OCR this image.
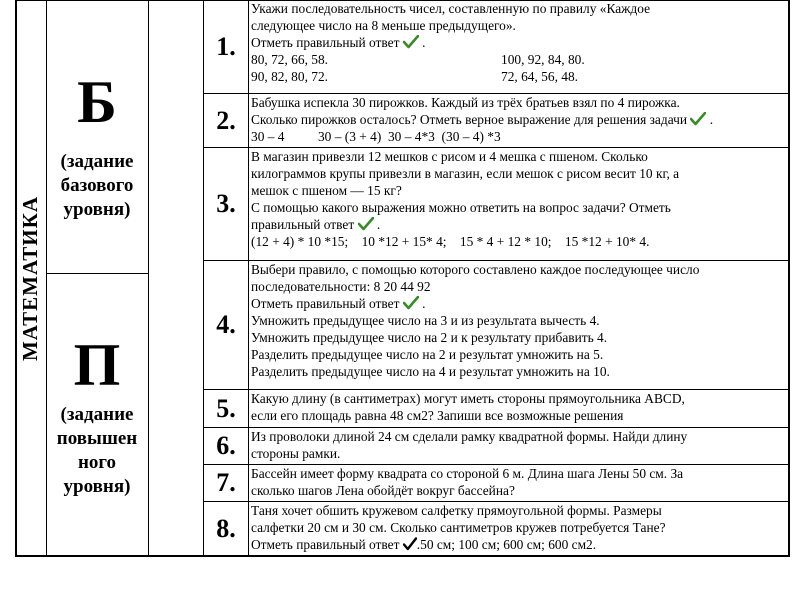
МАТЕМАТИКА
Б
(задание
базового
уровня)
П
(задание
повышен
ного
уровня)
1.
2.
3.
4.
5.
6.
7.
8.
Укажи последовательность чисел, составленную по правилу «Каждое
следующее число на 8 меньше предыдущего».
Отметь правильный ответ .
80, 72, 66, 58.	100, 92, 84, 80.
90, 82, 80, 72.	72, 64, 56, 48.
Бабушка испекла 30 пирожков. Каждый из трёх братьев взял по 4 пирожка.
Сколько пирожков осталось? Отметь верное выражение для решения задачи .
30 – 4          30 – (3 + 4)  30 – 4*3  (30 – 4) *3
В магазин привезли 12 мешков с рисом и 4 мешка с пшеном. Сколько
килограммов крупы привезли в магазин, если мешок с рисом весит 10 кг, а
мешок с пшеном — 15 кг?
С помощью какого выражения можно ответить на вопрос задачи? Отметь
правильный ответ .
(12 + 4) * 10 *15;    10 *12 + 15* 4;    15 * 4 + 12 * 10;    15 *12 + 10* 4.
Выбери правило, с помощью которого составлено каждое последующее число
последовательности: 8 20 44 92
Отметь правильный ответ .
Умножить предыдущее число на 3 и из результата вычесть 4.
Умножить предыдущее число на 2 и к результату прибавить 4.
Разделить предыдущее число на 2 и результат умножить на 5.
Разделить предыдущее число на 4 и результат умножить на 10.
Какую длину (в сантиметрах) могут иметь стороны прямоугольника ABCD,
если его площадь равна 48 см2? Запиши все возможные решения
Из проволоки длиной 24 см сделали рамку квадратной формы. Найди длину
стороны рамки.
Бассейн имеет форму квадрата со стороной 6 м. Длина шага Лены 50 см. За
сколько шагов Лена обойдёт вокруг бассейна?
Таня хочет обшить кружевом салфетку прямоугольной формы. Размеры
салфетки 20 см и 30 см. Сколько сантиметров кружев потребуется Тане?
Отметь правильный ответ .50 см; 100 см; 600 см; 600 см2.
